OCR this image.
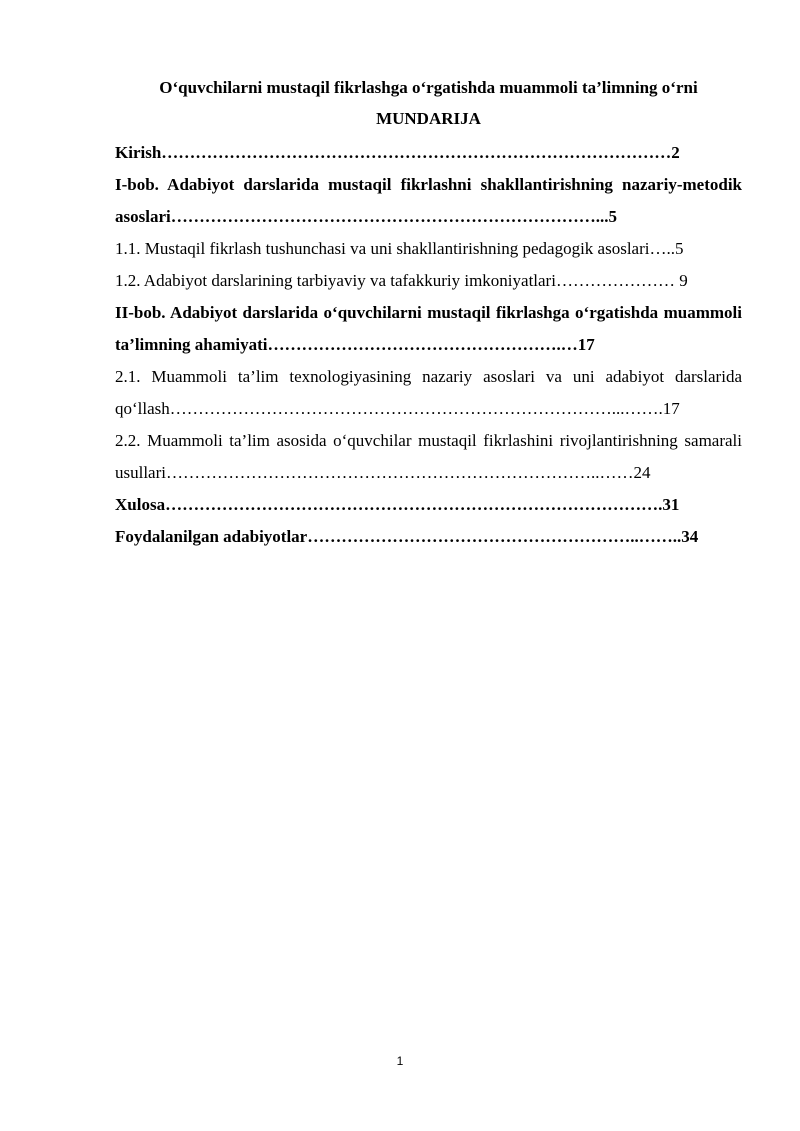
O‘quvchilarni mustaqil fikrlashga o‘rgatishda muammoli ta’limning o‘rni

MUNDARIJA

Kirish………………………………………………………………………………2

I-bob. Adabiyot darslarida mustaqil fikrlashni shakllantirishning nazariy-metodik asoslari…………………………………………………………………...5

1.1. Mustaqil fikrlash tushunchasi va uni shakllantirishning pedagogik asoslari…..5

1.2. Adabiyot darslarining tarbiyaviy va tafakkuriy imkoniyatlari………………… 9

II-bob. Adabiyot darslarida o‘quvchilarni mustaqil fikrlashga o‘rgatishda muammoli ta’limning ahamiyati…………………………………………….…17

2.1. Muammoli ta’lim texnologiyasining nazariy asoslari va uni adabiyot darslarida qo‘llash……………………………………………………………………...…….17

2.2. Muammoli ta’lim asosida o‘quvchilar mustaqil fikrlashini rivojlantirishning samarali usullari…………………………………………………………………..……24

Xulosa…………………………………………………………………………….31

Foydalanilgan adabiyotlar…………………………………………………..……..34

1
